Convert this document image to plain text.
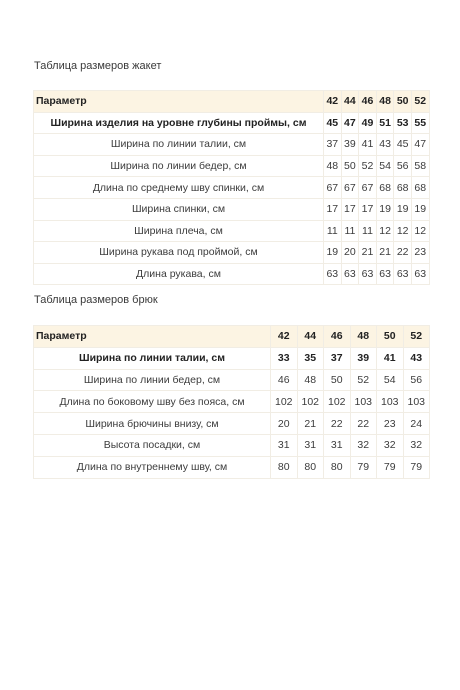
Таблица размеров жакет
Параметр	42	44	46	48	50	52
Ширина изделия на уровне глубины проймы, см	45	47	49	51	53	55
Ширина по линии талии, см	37	39	41	43	45	47
Ширина по линии бедер, см	48	50	52	54	56	58
Длина по среднему шву спинки, см	67	67	67	68	68	68
Ширина спинки, см	17	17	17	19	19	19
Ширина плеча, см	11	11	11	12	12	12
Ширина рукава под проймой, см	19	20	21	21	22	23
Длина рукава, см	63	63	63	63	63	63
Таблица размеров брюк
Параметр	42	44	46	48	50	52
Ширина по линии талии, см	33	35	37	39	41	43
Ширина по линии бедер, см	46	48	50	52	54	56
Длина по боковому шву без пояса, см	102	102	102	103	103	103
Ширина брючины внизу, см	20	21	22	22	23	24
Высота посадки, см	31	31	31	32	32	32
Длина по внутреннему шву, см	80	80	80	79	79	79
